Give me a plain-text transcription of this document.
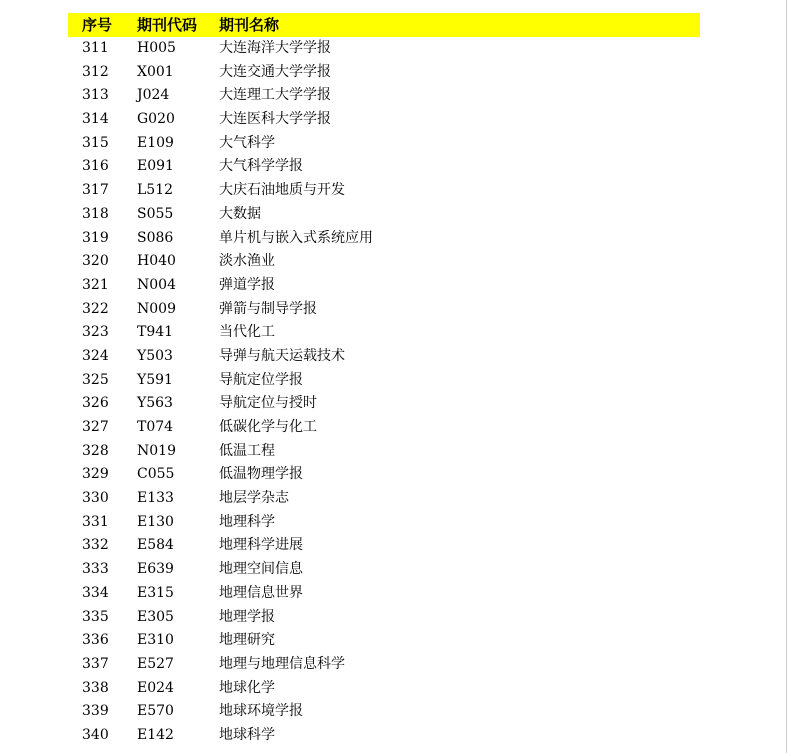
序号 期刊代码 期刊名称
311 H005	大连海洋大学学报
312 X001	大连交通大学学报
313 J024	大连理工大学学报
314 G020	大连医科大学学报
315 E109	大气科学
316 E091	大气科学学报
317 L512	大庆石油地质与开发
318 S055	大数据
319 S086	单片机与嵌入式系统应用
320 H040	淡水渔业
321 N004	弹道学报
322 N009	弹箭与制导学报
323 T941	当代化工
324 Y503	导弹与航天运载技术
325 Y591	导航定位学报
326 Y563	导航定位与授时
327 T074	低碳化学与化工
328 N019	低温工程
329 C055	低温物理学报
330 E133	地层学杂志
331 E130	地理科学
332 E584	地理科学进展
333 E639	地理空间信息
334 E315	地理信息世界
335 E305	地理学报
336 E310	地理研究
337 E527	地理与地理信息科学
338 E024	地球化学
339 E570	地球环境学报
340 E142	地球科学
